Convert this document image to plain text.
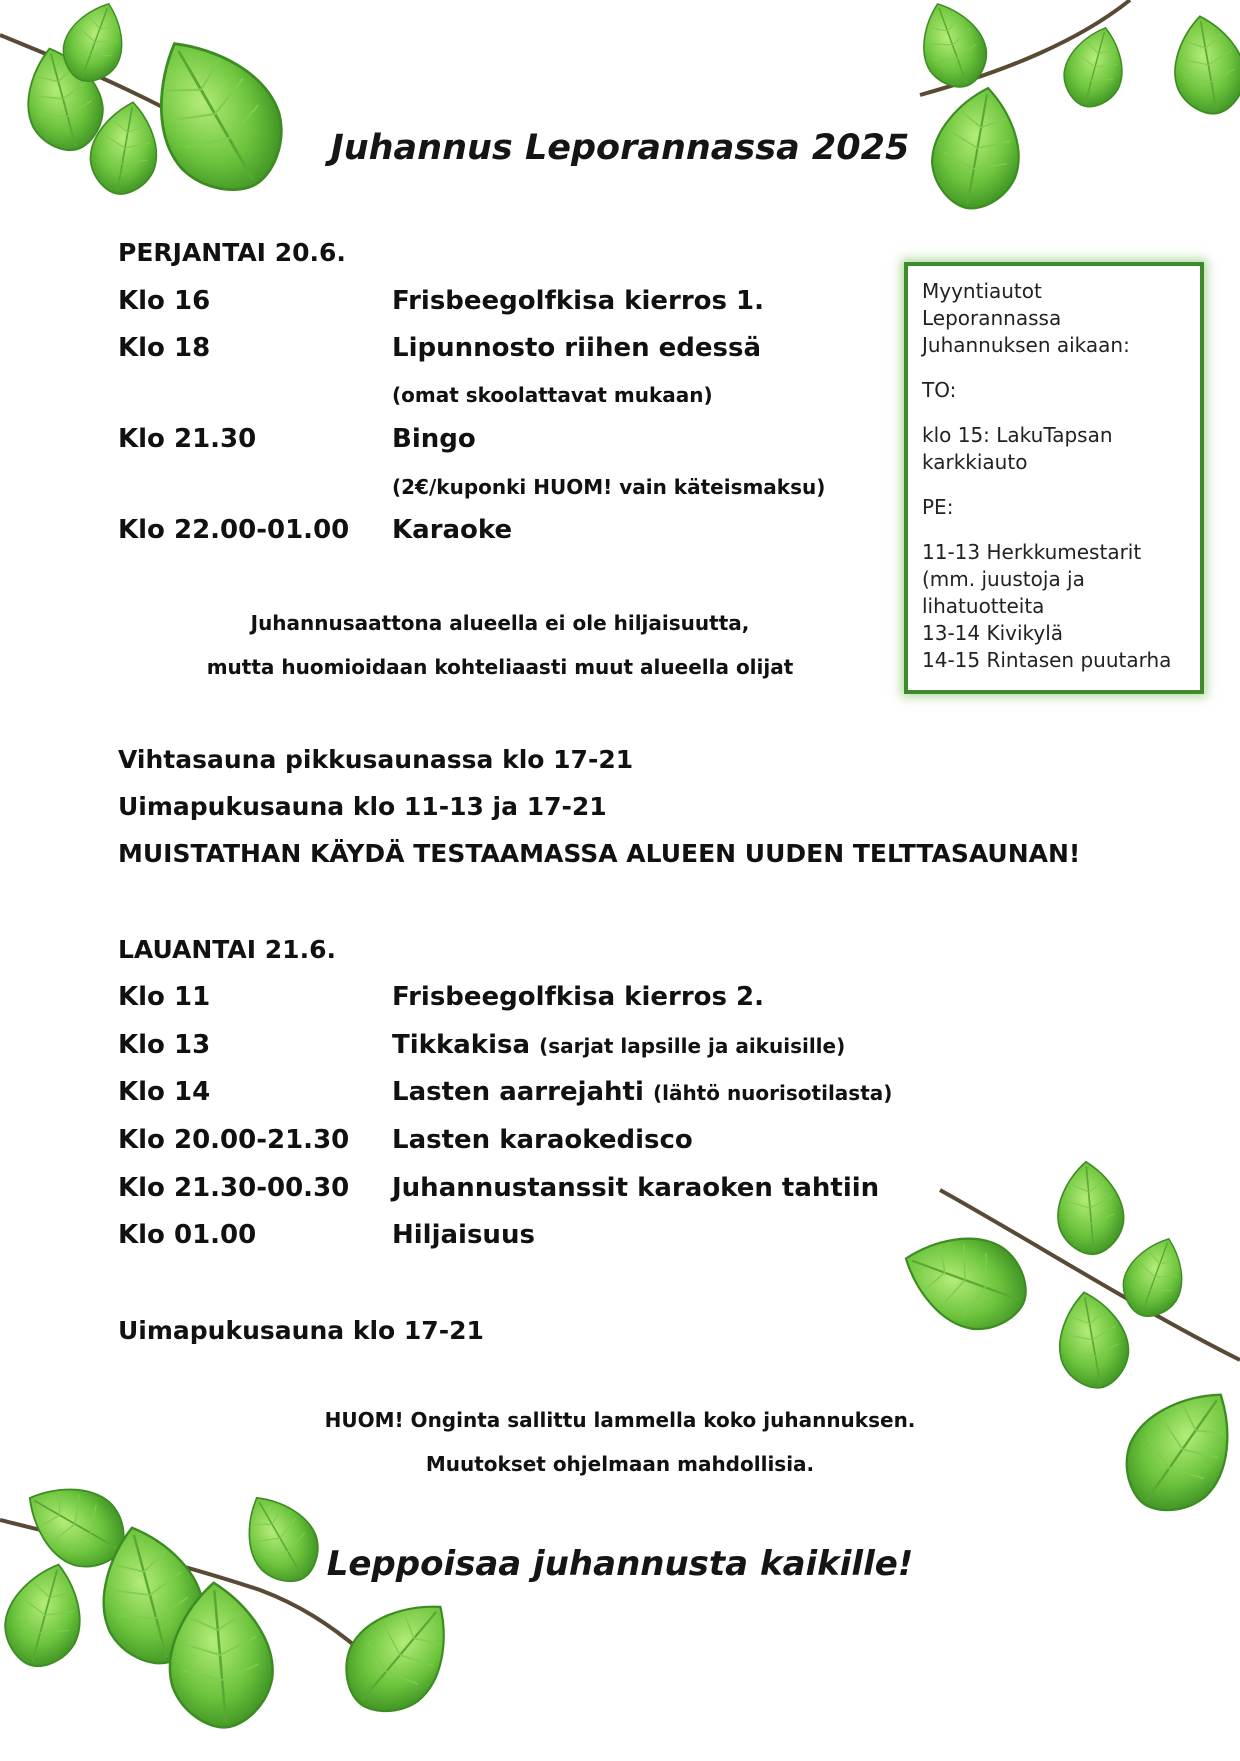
Juhannus Leporannassa 2025
PERJANTAI 20.6.
Klo 16	Frisbeegolfkisa kierros 1.
Klo 18	Lipunnosto riihen edessä
(omat skoolattavat mukaan)
Klo 21.30	Bingo
(2€/kuponki HUOM! vain käteismaksu)
Klo 22.00-01.00 Karaoke
Juhannusaattona alueella ei ole hiljaisuutta,
mutta huomioidaan kohteliaasti muut alueella olijat
Vihtasauna pikkusaunassa klo 17-21
Uimapukusauna klo 11-13 ja 17-21
MUISTATHAN KÄYDÄ TESTAAMASSA ALUEEN UUDEN TELTTASAUNAN!
LAUANTAI 21.6.
Klo 11	Frisbeegolfkisa kierros 2.
Klo 13	Tikkakisa (sarjat lapsille ja aikuisille)
Klo 14	Lasten aarrejahti (lähtö nuorisotilasta)
Klo 20.00-21.30 Lasten karaokedisco
Klo 21.30-00.30 Juhannustanssit karaoken tahtiin
Klo 01.00	Hiljaisuus
Uimapukusauna klo 17-21
HUOM! Onginta sallittu lammella koko juhannuksen.
Muutokset ohjelmaan mahdollisia.
Leppoisaa juhannusta kaikille!

Myyntiautot

Leporannassa

Juhannuksen aikaan:

TO:

klo 15: LakuTapsan

karkkiauto

PE:

11-13 Herkkumestarit

(mm. juustoja ja

lihatuotteita

13-14 Kivikylä

14-15 Rintasen puutarha
